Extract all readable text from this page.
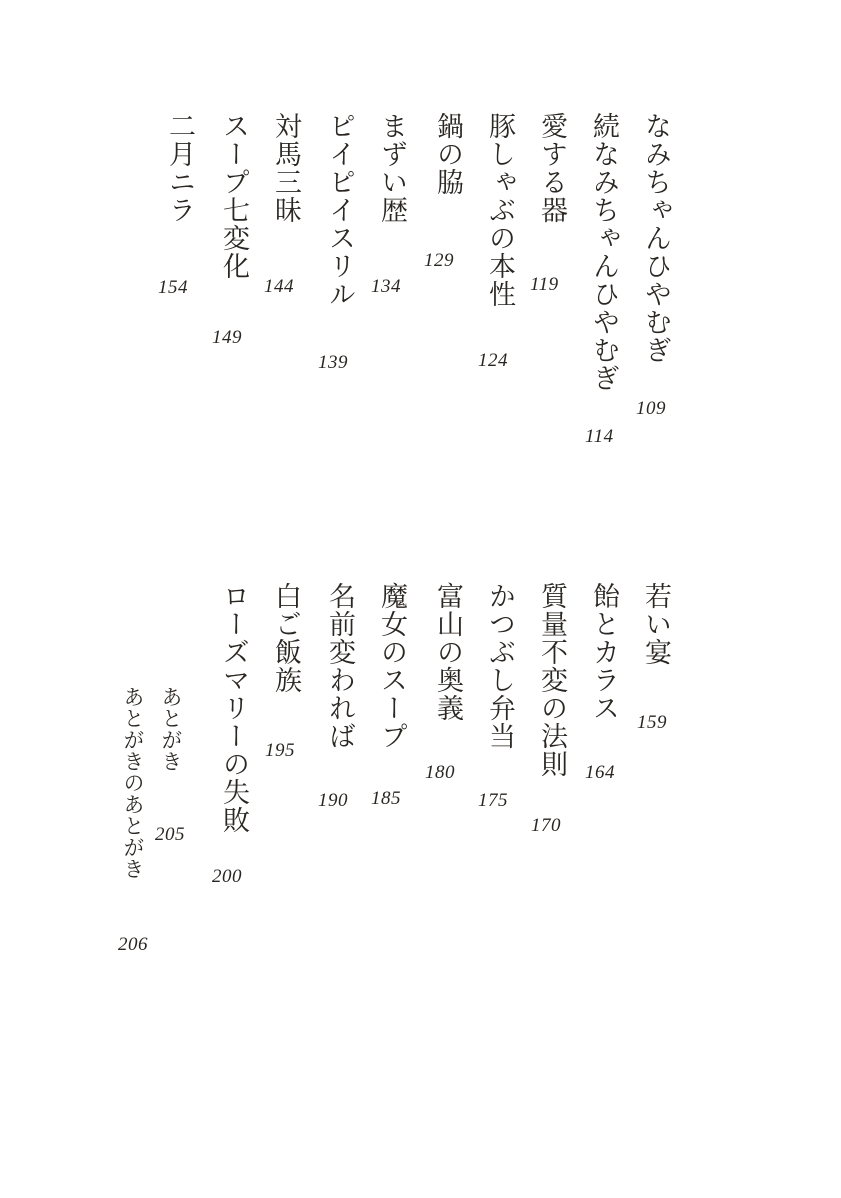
なみちゃんひやむぎ
109
続なみちゃんひやむぎ
114
愛する器
119
豚しゃぶの本性
124
鍋の脇
129
まずい歴
134
ピイピイスリル
139
対馬三昧
144
スープ七変化
149
二月ニラ
154
若い宴
159
飴とカラス
164
質量不変の法則
170
かつぶし弁当
175
富山の奥義
180
魔女のスープ
185
名前変われば
190
白ご飯族
195
ローズマリーの失敗
200
あとがき
205
あとがきのあとがき
206
